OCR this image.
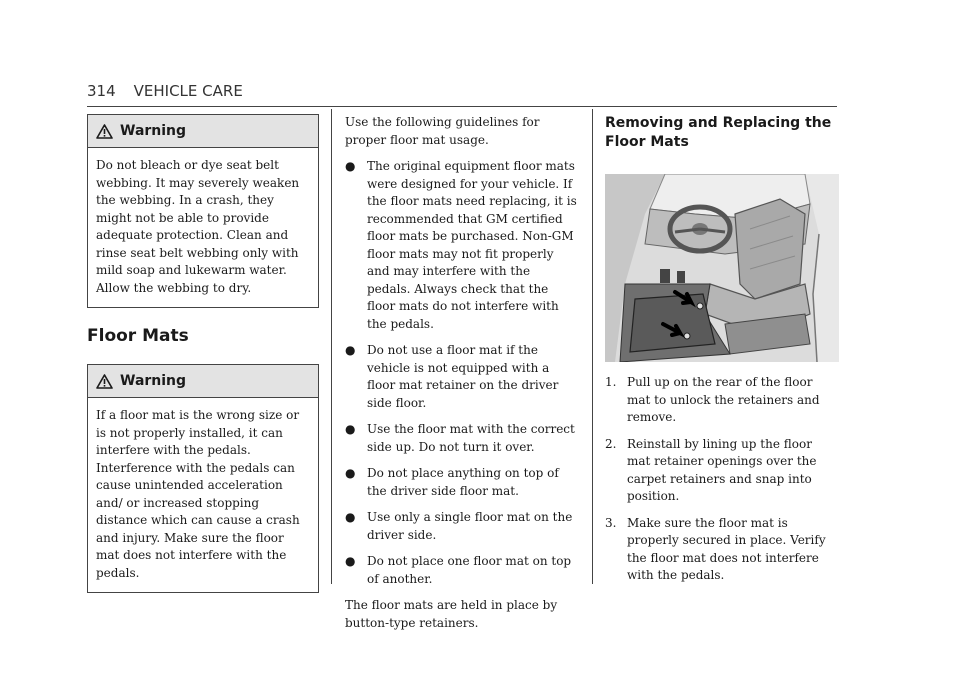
314 VEHICLE CARE
Warning
Do not bleach or dye seat belt webbing. It may severely weaken the webbing. In a crash, they might not be able to provide adequate protection. Clean and rinse seat belt webbing only with mild soap and lukewarm water. Allow the webbing to dry.
Floor Mats
Warning
If a floor mat is the wrong size or is not properly installed, it can interfere with the pedals. Interference with the pedals can cause unintended acceleration and/ or increased stopping distance which can cause a crash and injury. Make sure the floor mat does not interfere with the pedals.

Use the following guidelines for proper floor mat usage.

● The original equipment floor mats were designed for your vehicle. If the floor mats need replacing, it is recommended that GM certified floor mats be purchased. Non-GM floor mats may not fit properly and may interfere with the pedals. Always check that the floor mats do not interfere with the pedals.
● Do not use a floor mat if the vehicle is not equipped with a floor mat retainer on the driver side floor.
● Use the floor mat with the correct side up. Do not turn it over.
● Do not place anything on top of the driver side floor mat.
● Use only a single floor mat on the driver side.
● Do not place one floor mat on top of another.

The floor mats are held in place by button-type retainers.

Removing and Replacing the
Floor Mats
1. Pull up on the rear of the floor mat to unlock the retainers and remove.
2. Reinstall by lining up the floor mat retainer openings over the carpet retainers and snap into position.
3. Make sure the floor mat is properly secured in place. Verify the floor mat does not interfere with the pedals.
